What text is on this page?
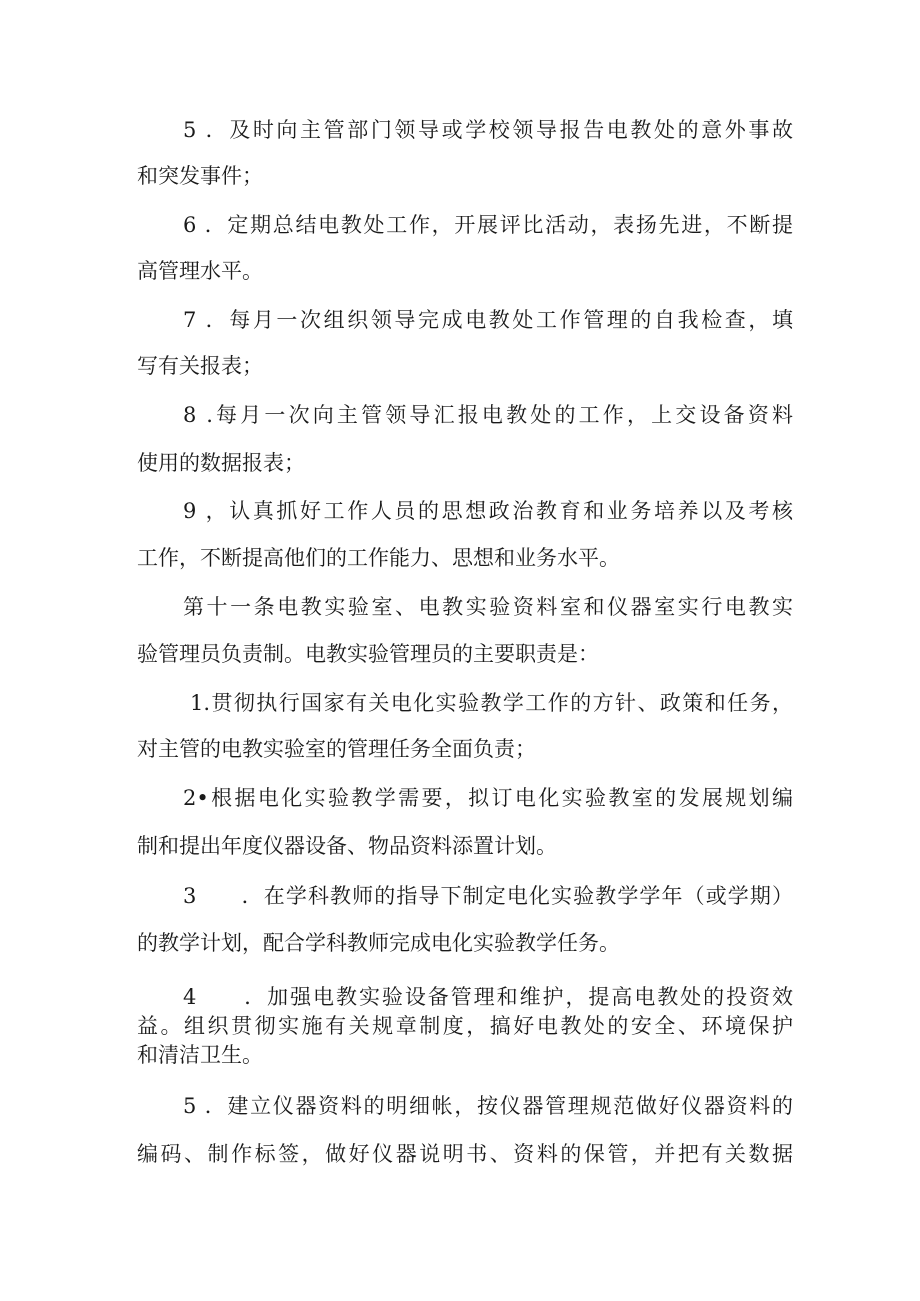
5 ．及时向主管部门领导或学校领导报告电教处的意外事故
和突发事件；
6 ．定期总结电教处工作，开展评比活动，表扬先进，不断提
高管理水平。
7 ．每月一次组织领导完成电教处工作管理的自我检查，填
写有关报表；
8 .每月一次向主管领导汇报电教处的工作，上交设备资料
使用的数据报表；
9 ，认真抓好工作人员的思想政治教育和业务培养以及考核
工作，不断提高他们的工作能力、思想和业务水平。
第十一条电教实验室、电教实验资料室和仪器室实行电教实
验管理员负责制。电教实验管理员的主要职责是：
1.贯彻执行国家有关电化实验教学工作的方针、政策和任务，
对主管的电教实验室的管理任务全面负责；
2•根据电化实验教学需要，拟订电化实验教室的发展规划编
制和提出年度仪器设备、物品资料添置计划。
3　　．在学科教师的指导下制定电化实验教学学年（或学期）
的教学计划，配合学科教师完成电化实验教学任务。
4　　．加强电教实验设备管理和维护，提高电教处的投资效
益。组织贯彻实施有关规章制度，搞好电教处的安全、环境保护
和清洁卫生。
5 ．建立仪器资料的明细帐，按仪器管理规范做好仪器资料的
编码、制作标签，做好仪器说明书、资料的保管，并把有关数据
